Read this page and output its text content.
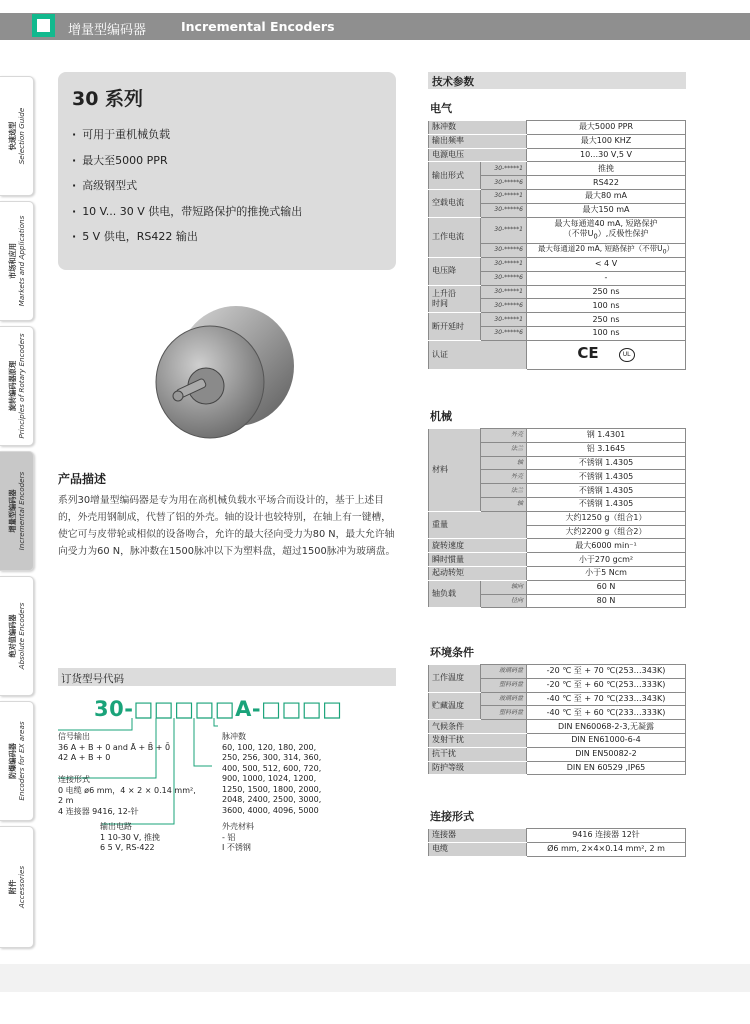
增量型编码器	Incremental Encoders
快速选型
Selection Guide
市场和应用
Markets and Applications
旋转编码器原理
Principles of Rotary Encoders
增量型编码器
Incremental Encoders
绝对值编码器
Absolute Encoders
防爆编码器
Encoders for EX areas
附件
Accessories
30 系列
· 可用于重机械负载
· 最大至5000 PPR
· 高级钢型式
· 10 V... 30 V 供电，带短路保护的推挽式输出
· 5 V 供电，RS422 输出
产品描述
系列30增量型编码器是专为用在高机械负载水平场合而设计的，基于上述目的，外壳用钢制成，代替了铝的外壳。轴的设计也较特别，在轴上有一键槽，使它可与皮带轮或相似的设备吻合，允许的最大径向受力为80 N，最大允许轴向受力为60 N，脉冲数在1500脉冲以下为塑料盘，超过1500脉冲为玻璃盘。
订货型号代码
30-□□□□□A-□□□□
信号输出
36 A + B + 0 and Ā + B̄ + 0̄
42 A + B + 0
连接形式
0 电缆 ø6 mm，4 × 2 × 0.14 mm²,
2 m
4 连接器 9416, 12-针
输出电路
1 10-30 V, 推挽
6 5 V, RS-422
脉冲数
60, 100, 120, 180, 200,
250, 256, 300, 314, 360,
400, 500, 512, 600, 720,
900, 1000, 1024, 1200,
1250, 1500, 1800, 2000,
2048, 2400, 2500, 3000,
3600, 4000, 4096, 5000
外壳材料
- 铝
I 不锈钢
技术参数
电气
脉冲数		最大5000 PPR
输出频率		最大100 KHZ
电源电压		10…30 V,5 V
输出形式	30-*****1	推挽
	30-*****6	RS422
空载电流	30-*****1	最大80 mA
	30-*****6	最大150 mA
工作电流	30-*****1	最大每通道40 mA, 短路保护
（不带$U_0$）,反极性保护
	30-*****6	最大每通道20 mA, 短路保护（不带$U_0$）
电压降	30-*****1	< 4 V
	30-*****6	-
上升沿
时间	30-*****1	250 ns
	30-*****6	100 ns
断开延时	30-*****1	250 ns
	30-*****6	100 ns
认证		CE UL
机械
材料	外壳	钢 1.4301
	法兰	铝 3.1645
	轴	不锈钢 1.4305
	外壳	不锈钢 1.4305
	法兰	不锈钢 1.4305
	轴	不锈钢 1.4305
重量		大约1250 g（组合1）
		大约2200 g（组合2）
旋转速度		最大6000 min⁻¹
瞬时惯量		小于270 gcm²
起动转矩		小于5 Ncm
轴负载	轴向	60 N
	径向	80 N
环境条件
工作温度	玻璃码盘	-20 ℃ 至 + 70 ℃(253…343K)
	塑料码盘	-20 ℃ 至 + 60 ℃(253…333K)
贮藏温度	玻璃码盘	-40 ℃ 至 + 70 ℃(233…343K)
	塑料码盘	-40 ℃ 至 + 60 ℃(233…333K)
气候条件		DIN EN60068-2-3,无凝露
发射干扰		DIN EN61000-6-4
抗干扰		DIN EN50082-2
防护等级		DIN EN 60529 ,IP65
连接形式
连接器	9416 连接器 12针
电缆	Ø6 mm, 2×4×0.14 mm², 2 m
